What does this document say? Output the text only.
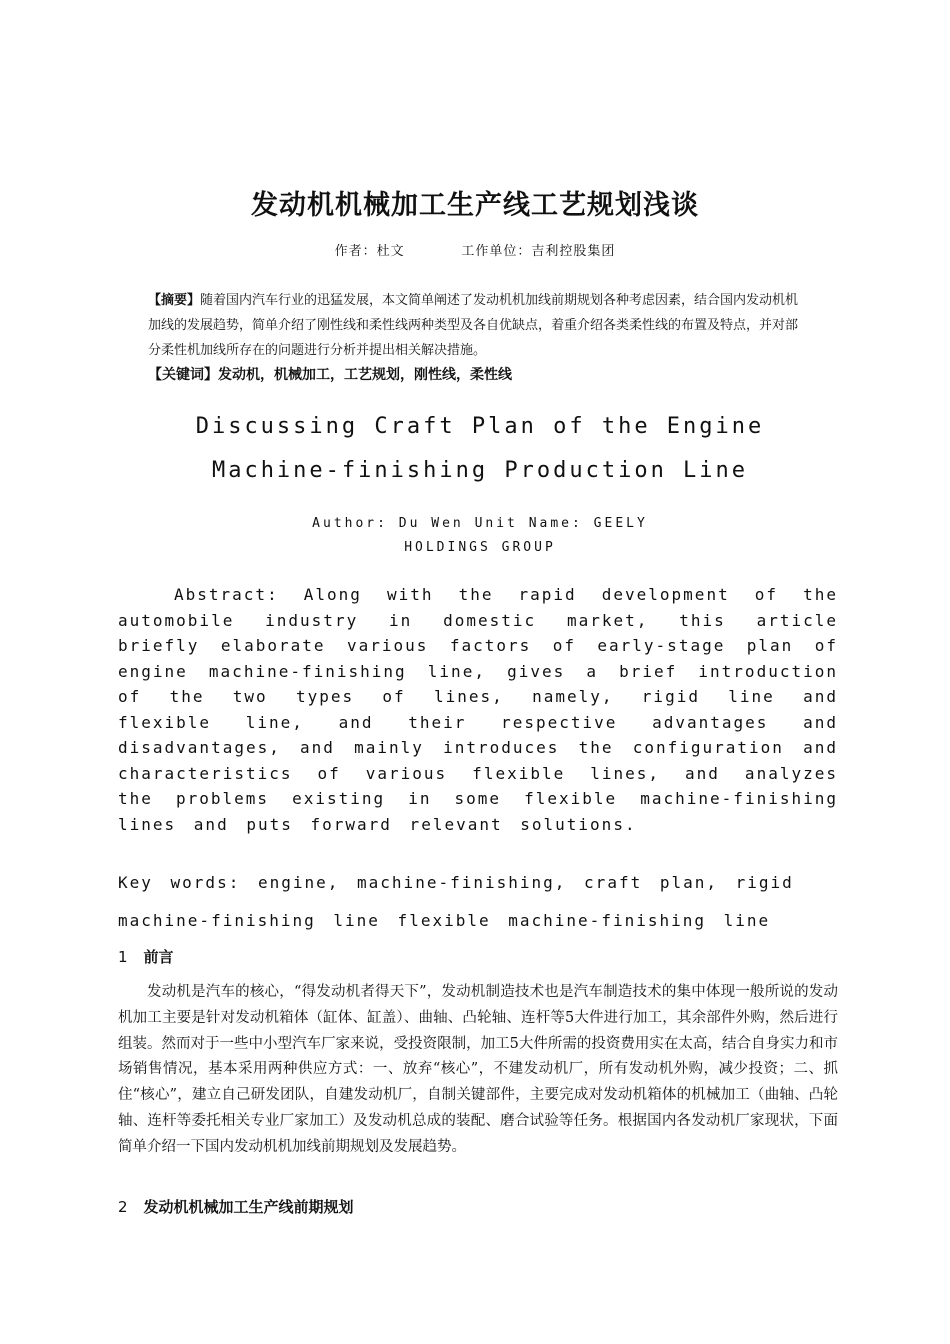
发动机机械加工生产线工艺规划浅谈
作者：杜文	工作单位：吉利控股集团
【摘要】随着国内汽车行业的迅猛发展，本文简单阐述了发动机机加线前期规划各种考虑因素，结合国内发动机机加线的发展趋势，简单介绍了刚性线和柔性线两种类型及各自优缺点，着重介绍各类柔性线的布置及特点，并对部分柔性机加线所存在的问题进行分析并提出相关解决措施。
【关键词】发动机，机械加工，工艺规划，刚性线，柔性线
Discussing Craft Plan of the Engine
Machine-finishing Production Line
Author: Du Wen Unit Name: GEELY
HOLDINGS GROUP
Abstract: Along with the rapid development of the automobile industry in domestic market, this article briefly elaborate various factors of early-stage plan of engine machine-finishing line, gives a brief introduction of the two types of lines, namely, rigid line and flexible line, and their respective advantages and disadvantages, and mainly introduces the configuration and characteristics of various flexible lines, and analyzes the problems existing in some flexible machine-finishing lines and puts forward relevant solutions.
Key words: engine, machine-finishing, craft plan, rigid machine-finishing line flexible machine-finishing line
1 前言
发动机是汽车的核心，“得发动机者得天下”，发动机制造技术也是汽车制造技术的集中体现一般所说的发动机加工主要是针对发动机箱体（缸体、缸盖）、曲轴、凸轮轴、连杆等5大件进行加工，其余部件外购，然后进行组装。然而对于一些中小型汽车厂家来说，受投资限制，加工5大件所需的投资费用实在太高，结合自身实力和市场销售情况，基本采用两种供应方式：一、放弃“核心”，不建发动机厂，所有发动机外购，减少投资；二、抓住“核心”，建立自己研发团队，自建发动机厂，自制关键部件，主要完成对发动机箱体的机械加工（曲轴、凸轮轴、连杆等委托相关专业厂家加工）及发动机总成的装配、磨合试验等任务。根据国内各发动机厂家现状，下面简单介绍一下国内发动机机加线前期规划及发展趋势。
2 发动机机械加工生产线前期规划
